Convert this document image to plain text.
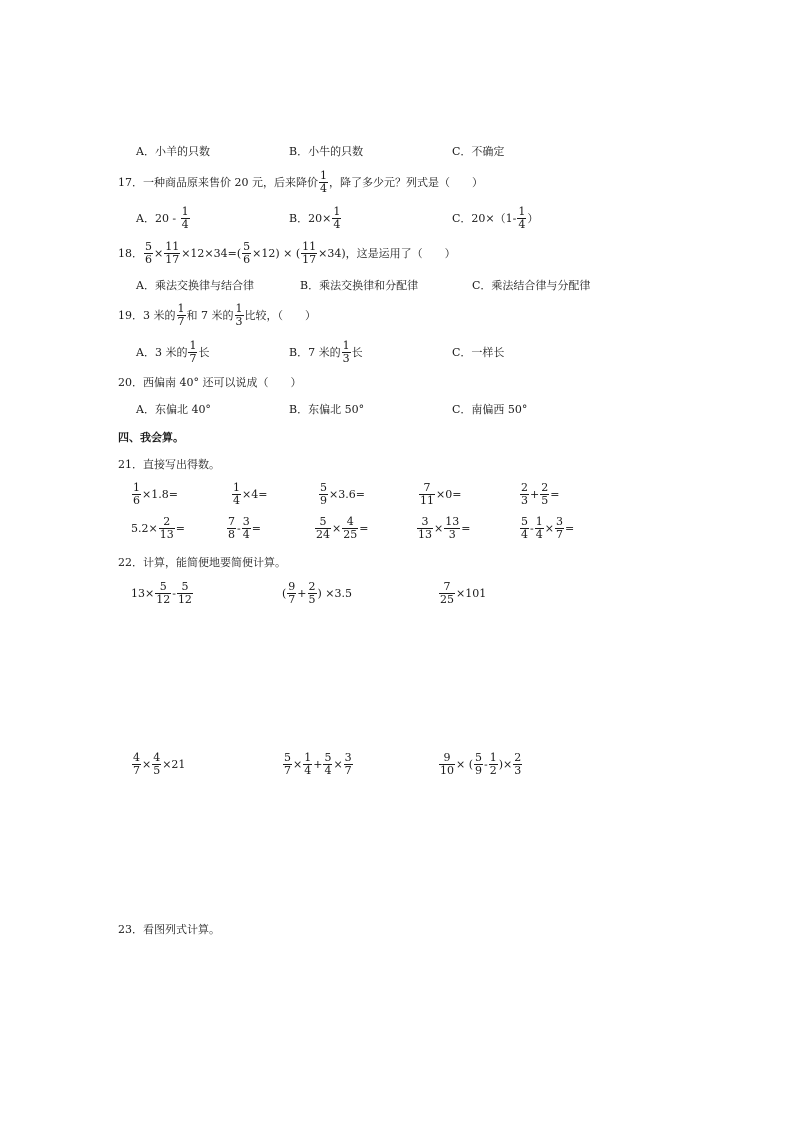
A．小羊的只数	B．小牛的只数	C．不确定
17．一种商品原来售价 20 元，后来降价 $\frac{1}{4}$ ，降了多少元？列式是（　　）
A．$20 - \frac{1}{4}$	B．$20\times \frac{1}{4}$	C．$20\times(1- \frac{1}{4}$ ）
18． $\frac{5}{6} \times \frac{11}{17} \times 12\times 34=( \frac{5}{6} \times 12)$ × ( $\frac{11}{17} \times 34$)，这是运用了（　　）
A．乘法交换律与结合律	B．乘法交换律和分配律	C．乘法结合律与分配律
19．3 米的 $\frac{1}{7}$ 和 7 米的 $\frac{1}{3}$ 比较，（　　）
A．3 米的 $\frac{1}{7}$ 长	B．7 米的 $\frac{1}{3}$ 长	C．一样长
20．西偏南 40° 还可以说成（　　）
A．东偏北 40°	B．东偏北 50°	C．南偏西 50°
四、我会算。
21．直接写出得数。
$\frac{1}{6} \times 1.8=$	$\frac{1}{4} \times 4=$	$\frac{5}{9} \times 3.6=$	$\frac{7}{11} \times 0=$	$\frac{2}{3} + \frac{2}{5}$ =
$5.2\times \frac{2}{13}$ =	$\frac{7}{8} - \frac{3}{4}$ =	$\frac{5}{24} \times \frac{4}{25}$ =	$\frac{3}{13} \times \frac{13}{3}$ =	$\frac{5}{4} - \frac{1}{4} \times \frac{3}{7}$ =
22．计算，能简便地要简便计算。
$13\times \frac{5}{12} - \frac{5}{12}$	( $\frac{9}{7} + \frac{2}{5}$ ) ×3.5	$\frac{7}{25} \times 101$
$\frac{4}{7} \times \frac{4}{5} \times 21$	$\frac{5}{7} \times \frac{1}{4} + \frac{5}{4} \times \frac{3}{7}$	$\frac{9}{10}$ × ( $\frac{5}{9} - \frac{1}{2}$ )× $\frac{2}{3}$
23．看图列式计算。
